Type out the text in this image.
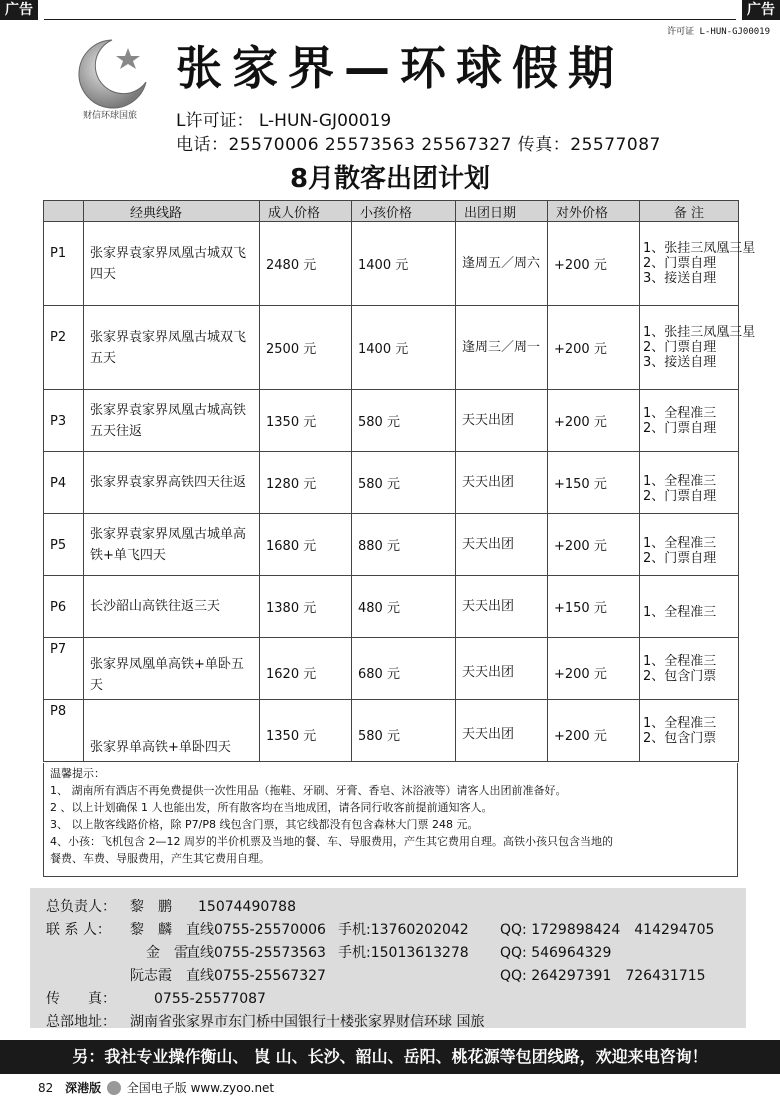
广告	广告
许可证 L-HUN-GJ00019
财信环球国旅
张家界—环球假期
L许可证： L-HUN-GJ00019
电话：25570006 25573563 25567327 传真：25577087
8月散客出团计划
	经典线路	成人价格	小孩价格	出团日期	对外价格	备 注
P1	张家界袁家界凤凰古城双飞四天	2480 元	1400 元	逢周五／周六	+200 元	1、张挂三凤凰三星
2、门票自理
3、接送自理

P2	张家界袁家界凤凰古城双飞五天	2500 元	1400 元	逢周三／周一	+200 元	1、张挂三凤凰三星
2、门票自理
3、接送自理

P3	张家界袁家界凤凰古城高铁五天往返	1350 元	580 元	天天出团	+200 元	1、全程准三
2、门票自理

P4	张家界袁家界高铁四天往返	1280 元	580 元	天天出团	+150 元	1、全程准三
2、门票自理

P5	张家界袁家界凤凰古城单高铁+单飞四天	1680 元	880 元	天天出团	+200 元	1、全程准三
2、门票自理

P6	长沙韶山高铁往返三天	1380 元	480 元	天天出团	+150 元	1、全程准三

P7	张家界凤凰单高铁+单卧五天	1620 元	680 元	天天出团	+200 元	1、全程准三
2、包含门票

P8	张家界单高铁+单卧四天	1350 元	580 元	天天出团	+200 元	1、全程准三
2、包含门票
温馨提示：
1、 湖南所有酒店不再免费提供一次性用品（拖鞋、牙刷、牙膏、香皂、沐浴液等）请客人出团前准备好。
2 、以上计划确保 1 人也能出发，所有散客均在当地成团，请各同行收客前提前通知客人。
3、 以上散客线路价格，除 P7/P8 线包含门票，其它线都没有包含森林大门票 248 元。
4、小孩：飞机包含 2—12 周岁的半价机票及当地的餐、车、导服费用，产生其它费用自理。高铁小孩只包含当地的
餐费、车费、导服费用，产生其它费用自理。
总负责人： 黎　鹏 15074490788
联 系 人： 黎　麟 直线0755-25570006 手机:13760202042 QQ: 1729898424　414294705
金　雷
直线0755-25573563 手机:15013613278 QQ: 546964329
阮志霞 直线0755-25567327	QQ: 264297391　726431715
传　　真：	0755-25577087
总部地址： 湖南省张家界市东门桥中国银行十楼张家界财信环球 国旅
另：我社专业操作衡山、 崀 山、长沙、韶山、岳阳、桃花源等包团线路，欢迎来电咨询！
82 深港版 全国电子版 www.zyoo.net
